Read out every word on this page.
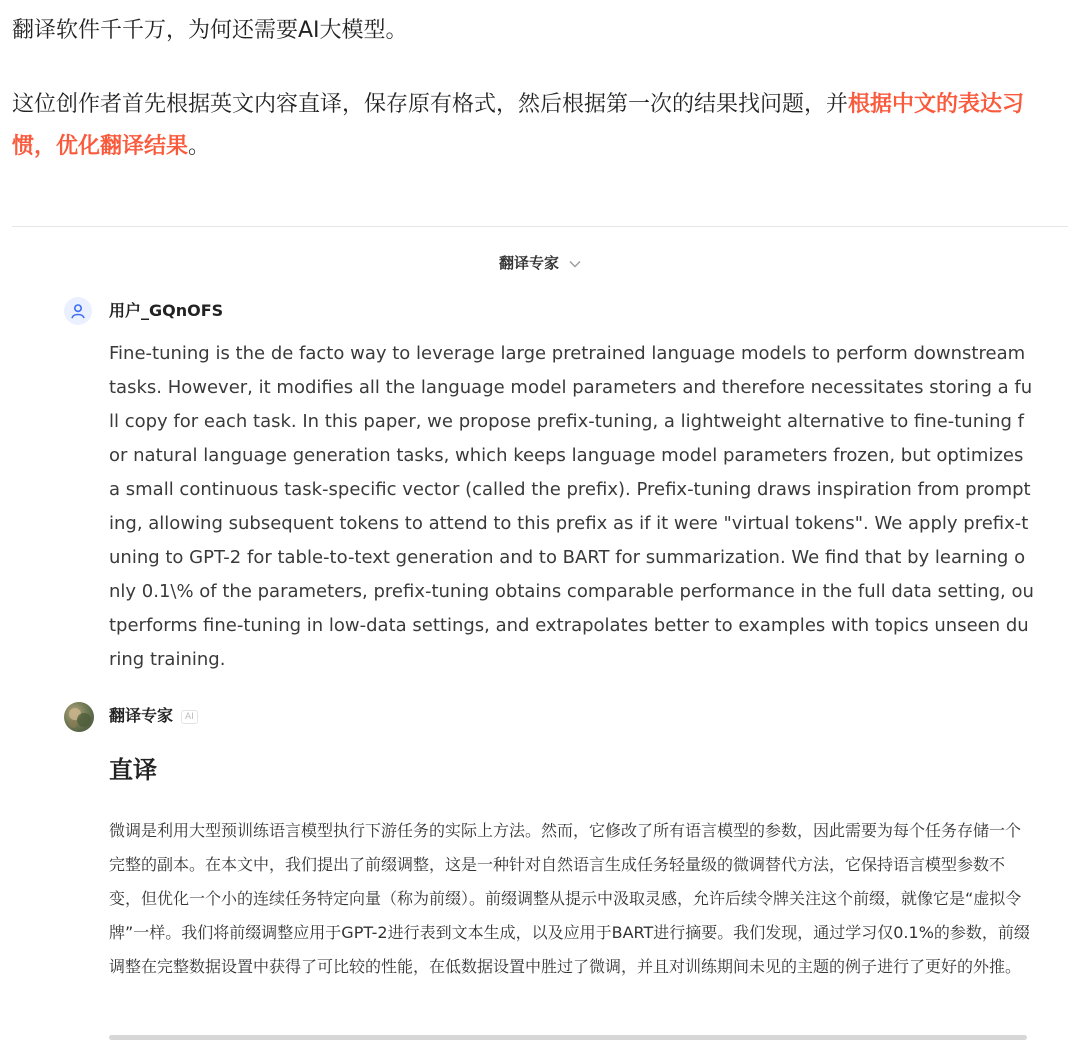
翻译软件千千万，为何还需要AI大模型。

这位创作者首先根据英文内容直译，保存原有格式，然后根据第一次的结果找问题，并根据中文的表达习惯，优化翻译结果。

翻译专家
用户_GQnOFS

Fine-tuning is the de facto way to leverage large pretrained language models to perform downstream tasks. However, it modifies all the language model parameters and therefore necessitates storing a full copy for each task. In this paper, we propose prefix-tuning, a lightweight alternative to fine-tuning for natural language generation tasks, which keeps language model parameters frozen, but optimizes a small continuous task-specific vector (called the prefix). Prefix-tuning draws inspiration from prompting, allowing subsequent tokens to attend to this prefix as if it were "virtual tokens". We apply prefix-tuning to GPT-2 for table-to-text generation and to BART for summarization. We find that by learning only 0.1\% of the parameters, prefix-tuning obtains comparable performance in the full data setting, outperforms fine-tuning in low-data settings, and extrapolates better to examples with topics unseen during training.

翻译专家 AI
直译

微调是利用大型预训练语言模型执行下游任务的实际上方法。然而，它修改了所有语言模型的参数，因此需要为每个任务存储一个完整的副本。在本文中，我们提出了前缀调整，这是一种针对自然语言生成任务轻量级的微调替代方法，它保持语言模型参数不变，但优化一个小的连续任务特定向量（称为前缀）。前缀调整从提示中汲取灵感，允许后续令牌关注这个前缀，就像它是“虚拟令牌”一样。我们将前缀调整应用于GPT-2进行表到文本生成，以及应用于BART进行摘要。我们发现，通过学习仅0.1%的参数，前缀调整在完整数据设置中获得了可比较的性能，在低数据设置中胜过了微调，并且对训练期间未见的主题的例子进行了更好的外推。
